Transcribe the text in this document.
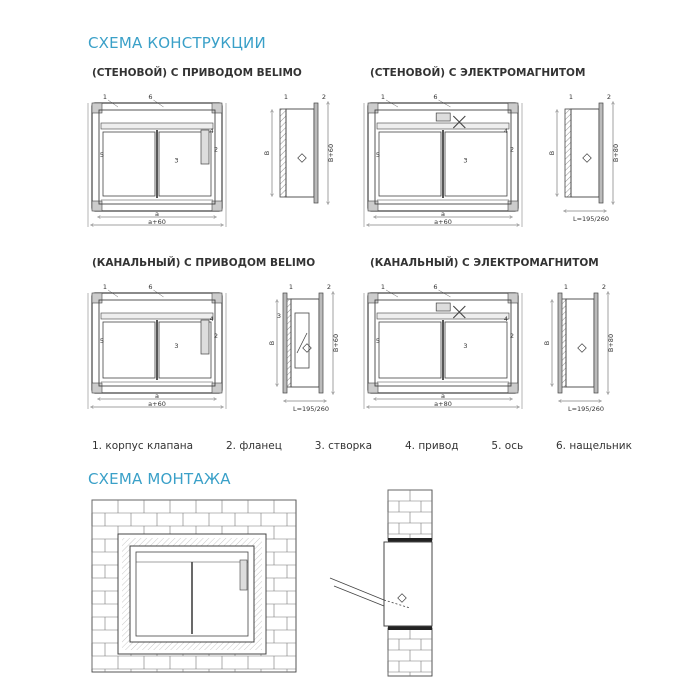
СХЕМА КОНСТРУКЦИИ
(СТЕНОВОЙ) С ПРИВОДОМ BELIMO	(СТЕНОВОЙ) С ЭЛЕКТРОМАГНИТОМ
(КАНАЛЬНЫЙ) С ПРИВОДОМ BELIMO	(КАНАЛЬНЫЙ) С ЭЛЕКТРОМАГНИТОМ
1	6
2
3
4
5
a
a+60
B	B+60
1	2	1	6
2
3
4
5
a
a+60
B	B+80
1	2
L=195/260
1	6
2
3
4
5
a
a+60
B	B+60
1	2
3
L=195/260
1	6
2
3
4
5
a
a+80
B	B+80
1	2
L=195/260
1. корпус клапана	2. фланец	3. створка	4. привод	5. ось	6. нащельник
СХЕМА МОНТАЖА
